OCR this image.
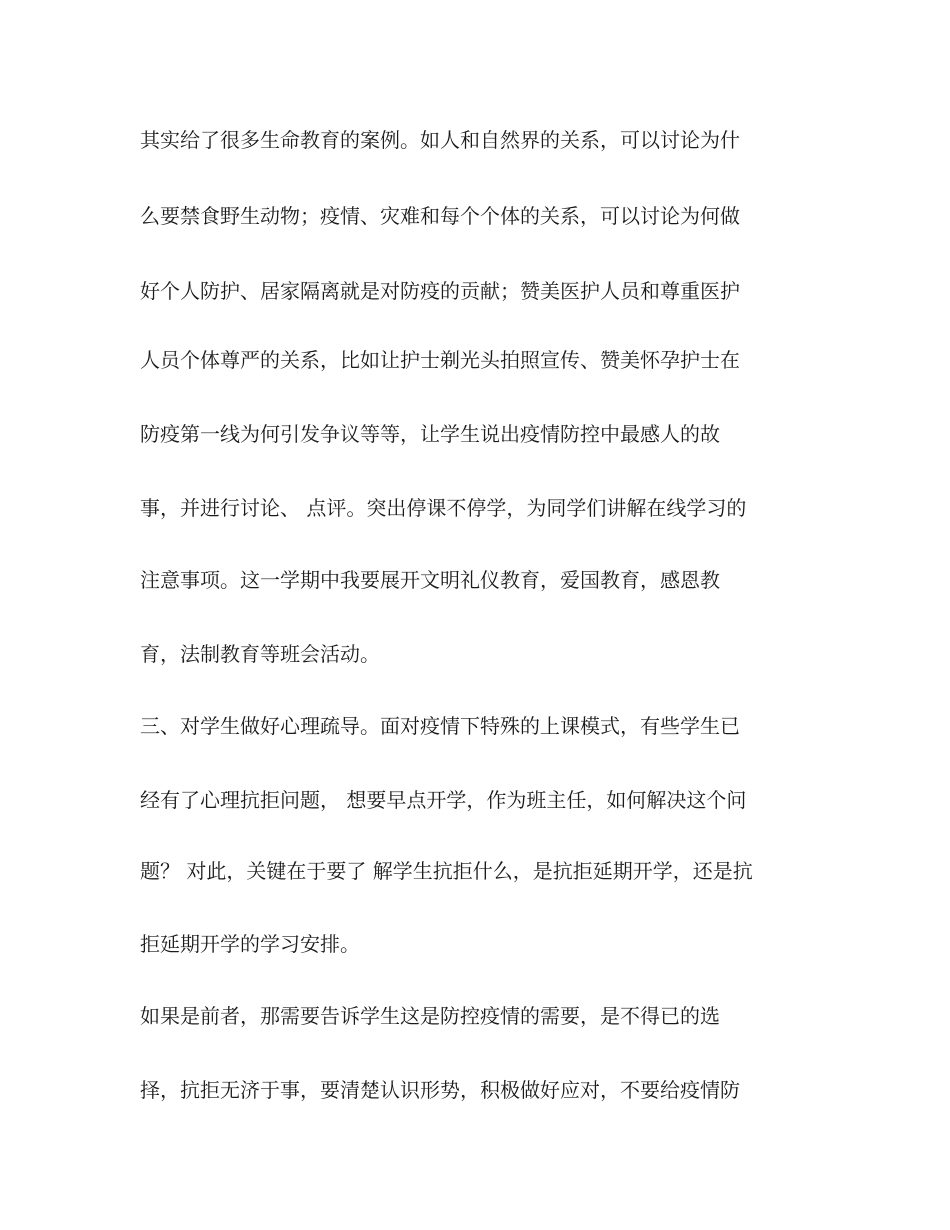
其实给了很多生命教育的案例。如人和自然界的关系，可以讨论为什

么要禁食野生动物；疫情、灾难和每个个体的关系，可以讨论为何做

好个人防护、居家隔离就是对防疫的贡献；赞美医护人员和尊重医护

人员个体尊严的关系，比如让护士剃光头拍照宣传、赞美怀孕护士在

防疫第一线为何引发争议等等，让学生说出疫情防控中最感人的故

事，并进行讨论、 点评。突出停课不停学，为同学们讲解在线学习的

注意事项。这一学期中我要展开文明礼仪教育，爱国教育，感恩教

育，法制教育等班会活动。

三、对学生做好心理疏导。面对疫情下特殊的上课模式，有些学生已

经有了心理抗拒问题， 想要早点开学，作为班主任，如何解决这个问

题？ 对此，关键在于要了 解学生抗拒什么，是抗拒延期开学，还是抗

拒延期开学的学习安排。

如果是前者，那需要告诉学生这是防控疫情的需要，是不得已的选

择，抗拒无济于事，要清楚认识形势，积极做好应对，不要给疫情防
